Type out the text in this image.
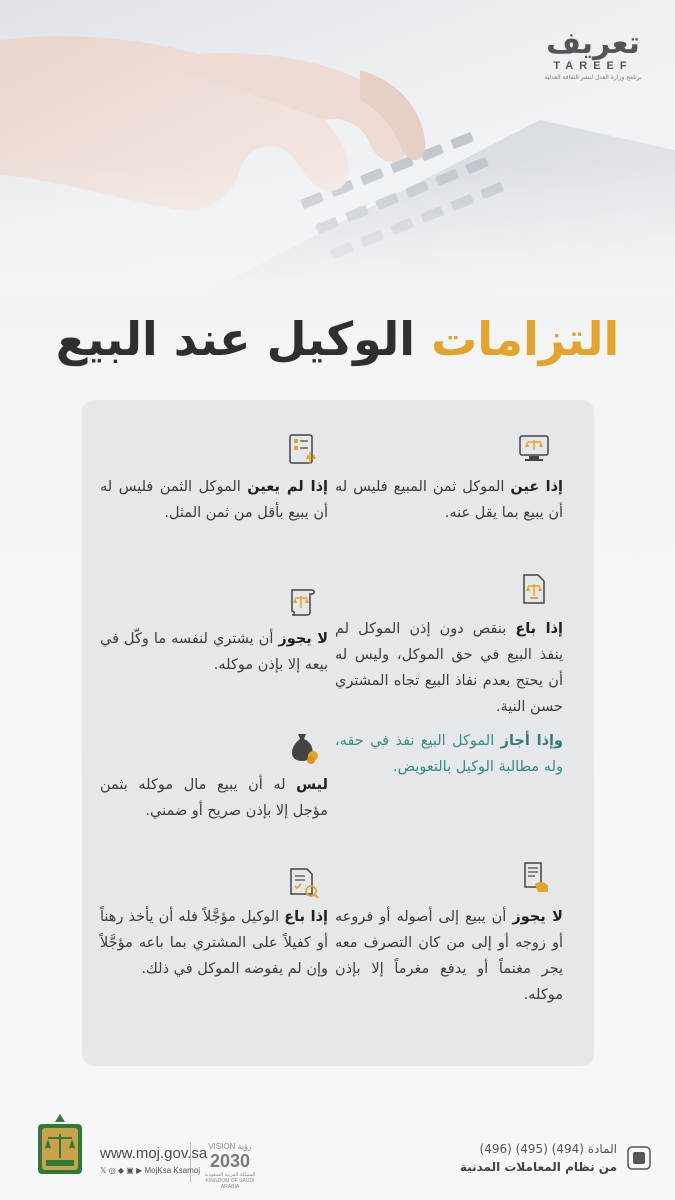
تعريف
TAREEF
برنامج وزارة العدل لنشر الثقافة العدلية
التزامات الوكيل عند البيع
إذا عين الموكل ثمن المبيع فليس له أن يبيع بما يقل عنه.
إذا باع بنقص دون إذن الموكل لم ينفذ البيع في حق الموكل، وليس له أن يحتج بعدم نفاذ البيع تجاه المشتري حسن النية.
وإذا أجاز الموكل البيع نفذ في حقه، وله مطالبة الوكيل بالتعويض.
لا يجوز أن يبيع إلى أصوله أو فروعه أو زوجه أو إلى من كان التصرف معه يجر مغنماً أو يدفع مغرماً إلا بإذن موكله.
إذا لم يعين الموكل الثمن فليس له أن يبيع بأقل من ثمن المثل.
لا يجوز أن يشتري لنفسه ما وكّل في بيعه إلا بإذن موكله.
ليس له أن يبيع مال موكله بثمن مؤجل إلا بإذن صريح أو ضمني.
إذا باع الوكيل مؤجَّلاً فله أن يأخذ رهناً أو كفيلاً على المشتري بما باعه مؤجَّلاً وإن لم يفوضه الموكل في ذلك.
www.moj.gov.sa
𝕏 ◎ ◆ ▣ ▶ MojKsa Ksamoj
VISION رؤية
2030
المملكة العربية السعودية KINGDOM OF SAUDI ARABIA
المادة (494) (495) (496)
من نظام المعاملات المدنية
